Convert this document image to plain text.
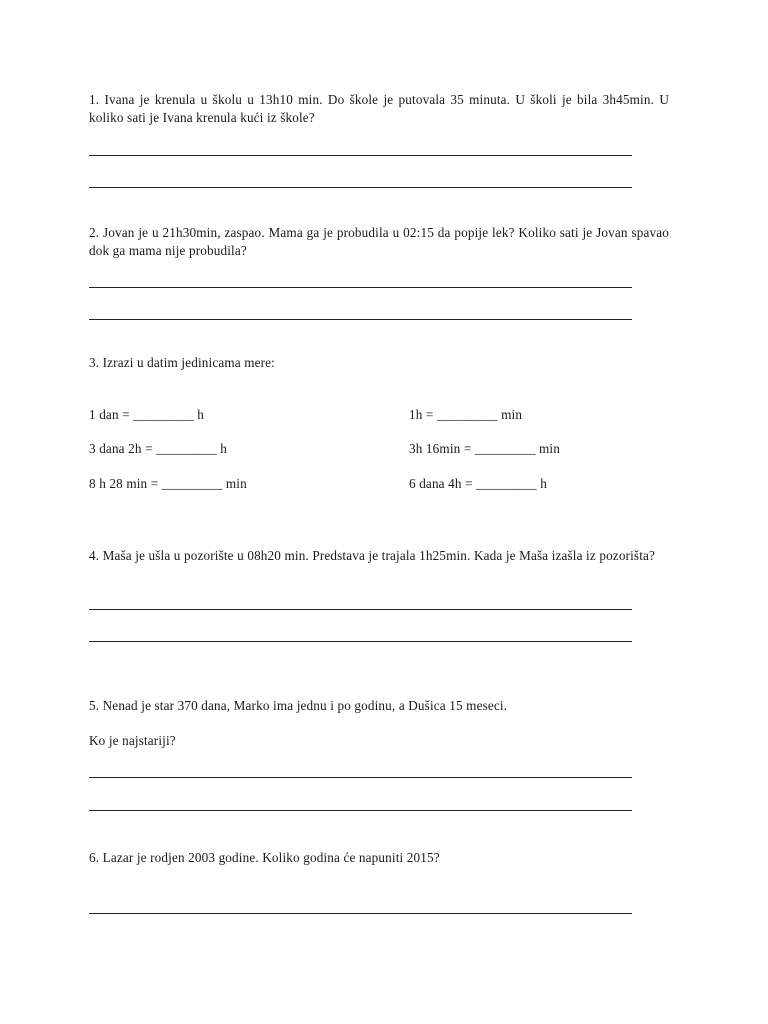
1. Ivana je krenula u školu u 13h10 min. Do škole je putovala 35 minuta. U školi je bila 3h45min. U koliko sati je Ivana krenula kući iz škole?
2. Jovan je u 21h30min, zaspao. Mama ga je probudila u 02:15 da popije lek? Koliko sati je Jovan spavao dok ga mama nije probudila?
3. Izrazi u datim jedinicama mere:
1 dan = _________ h	1h = _________ min
3 dana 2h = _________ h	3h 16min = _________ min
8 h 28 min = _________ min	6 dana 4h = _________ h
4. Maša je ušla u pozorište u 08h20 min. Predstava je trajala 1h25min. Kada je Maša izašla iz pozorišta?
5. Nenad je star 370 dana, Marko ima jednu i po godinu, a Dušica 15 meseci.
Ko je najstariji?
6. Lazar je rodjen 2003 godine. Koliko godina će napuniti 2015?
